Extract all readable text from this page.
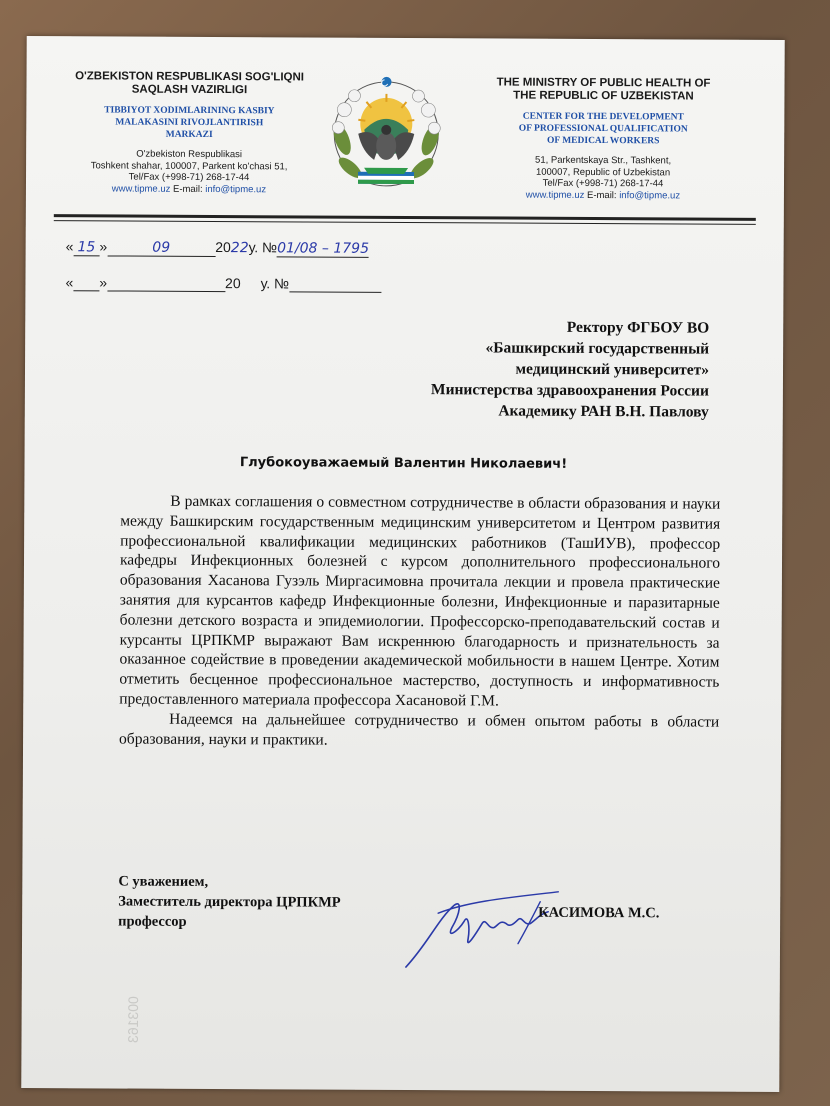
O'ZBEKISTON RESPUBLIKASI SOG'LIQNI
SAQLASH VAZIRLIGI
TIBBIYOT XODIMLARINING KASBIY
MALAKASINI RIVOJLANTIRISH
MARKAZI
O'zbekiston Respublikasi
Toshkent shahar, 100007, Parkent ko'chasi 51,
Tel/Fax (+998-71) 268-17-44
www.tipme.uz E-mail: info@tipme.uz
THE MINISTRY OF PUBLIC HEALTH OF
THE REPUBLIC OF UZBEKISTAN
CENTER FOR THE DEVELOPMENT
OF PROFESSIONAL QUALIFICATION
OF MEDICAL WORKERS
51, Parkentskaya Str., Tashkent,
100007, Republic of Uzbekistan
Tel/Fax (+998-71) 268-17-44
www.tipme.uz E-mail: info@tipme.uz
« 15 »	09	2022у. №01/08 – 1795
« »	20 у. №
Ректору ФГБОУ ВО
«Башкирский государственный
медицинский университет»
Министерства здравоохранения России
Академику РАН В.Н. Павлову
Глубокоуважаемый Валентин Николаевич!

В рамках соглашения о совместном сотрудничестве в области образования и науки между Башкирским государственным медицинским университетом и Центром развития профессиональной квалификации медицинских работников (ТашИУВ), профессор кафедры Инфекционных болезней с курсом дополнительного профессионального образования Хасанова Гузэль Миргасимовна прочитала лекции и провела практические занятия для курсантов кафедр Инфекционные болезни, Инфекционные и паразитарные болезни детского возраста и эпидемиологии. Профессорско-преподавательский состав и курсанты ЦРПКМР выражают Вам искреннюю благодарность и признательность за оказанное содействие в проведении академической мобильности в нашем Центре. Хотим отметить бесценное профессиональное мастерство, доступность и информативность предоставленного материала профессора Хасановой Г.М.

Надеемся на дальнейшее сотрудничество и обмен опытом работы в области образования, науки и практики.

С уважением,
Заместитель директора ЦРПКМР
профессор
КАСИМОВА М.С.
003163
